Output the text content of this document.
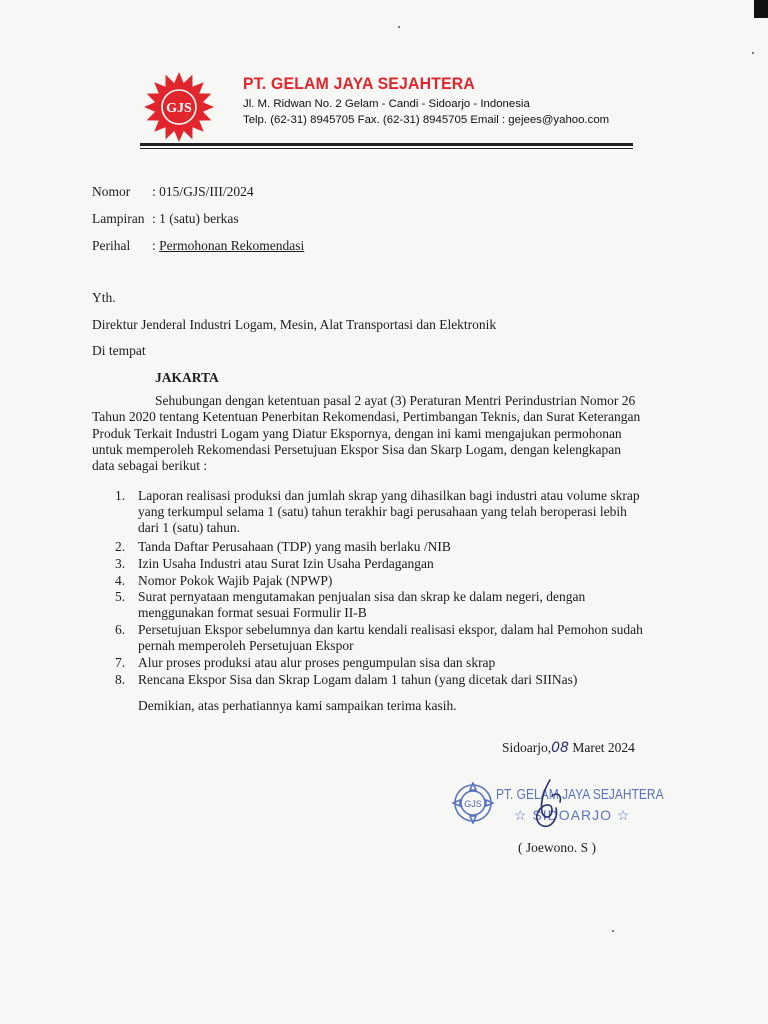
GJS
PT. GELAM JAYA SEJAHTERA
Jl. M. Ridwan No. 2 Gelam - Candi - Sidoarjo - Indonesia
Telp. (62-31) 8945705 Fax. (62-31) 8945705 Email : gejees@yahoo.com
Nomor : 015/GJS/III/2024
Lampiran : 1 (satu) berkas
Perihal : Permohonan Rekomendasi
Yth.
Direktur Jenderal Industri Logam, Mesin, Alat Transportasi dan Elektronik
Di tempat
JAKARTA
Sehubungan dengan ketentuan pasal 2 ayat (3) Peraturan Mentri Perindustrian Nomor 26
Tahun 2020 tentang Ketentuan Penerbitan Rekomendasi, Pertimbangan Teknis, dan Surat Keterangan
Produk Terkait Industri Logam yang Diatur Ekspornya, dengan ini kami mengajukan permohonan
untuk memperoleh Rekomendasi Persetujuan Ekspor Sisa dan Skarp Logam, dengan kelengkapan
data sebagai berikut :
1. Laporan realisasi produksi dan jumlah skrap yang dihasilkan bagi industri atau volume skrap
yang terkumpul selama 1 (satu) tahun terakhir bagi perusahaan yang telah beroperasi lebih
dari 1 (satu) tahun.
2. Tanda Daftar Perusahaan (TDP) yang masih berlaku /NIB
3. Izin Usaha Industri atau Surat Izin Usaha Perdagangan
4. Nomor Pokok Wajib Pajak (NPWP)
5. Surat pernyataan mengutamakan penjualan sisa dan skrap ke dalam negeri, dengan
menggunakan format sesuai Formulir II-B
6. Persetujuan Ekspor sebelumnya dan kartu kendali realisasi ekspor, dalam hal Pemohon sudah
pernah memperoleh Persetujuan Ekspor
7. Alur proses produksi atau alur proses pengumpulan sisa dan skrap
8. Rencana Ekspor Sisa dan Skrap Logam dalam 1 tahun (yang dicetak dari SIINas)
Demikian, atas perhatiannya kami sampaikan terima kasih.
Sidoarjo,08 Maret 2024
GJS
PT. GELAM JAYA SEJAHTERA
☆ SIDOARJO ☆
( Joewono. S )
